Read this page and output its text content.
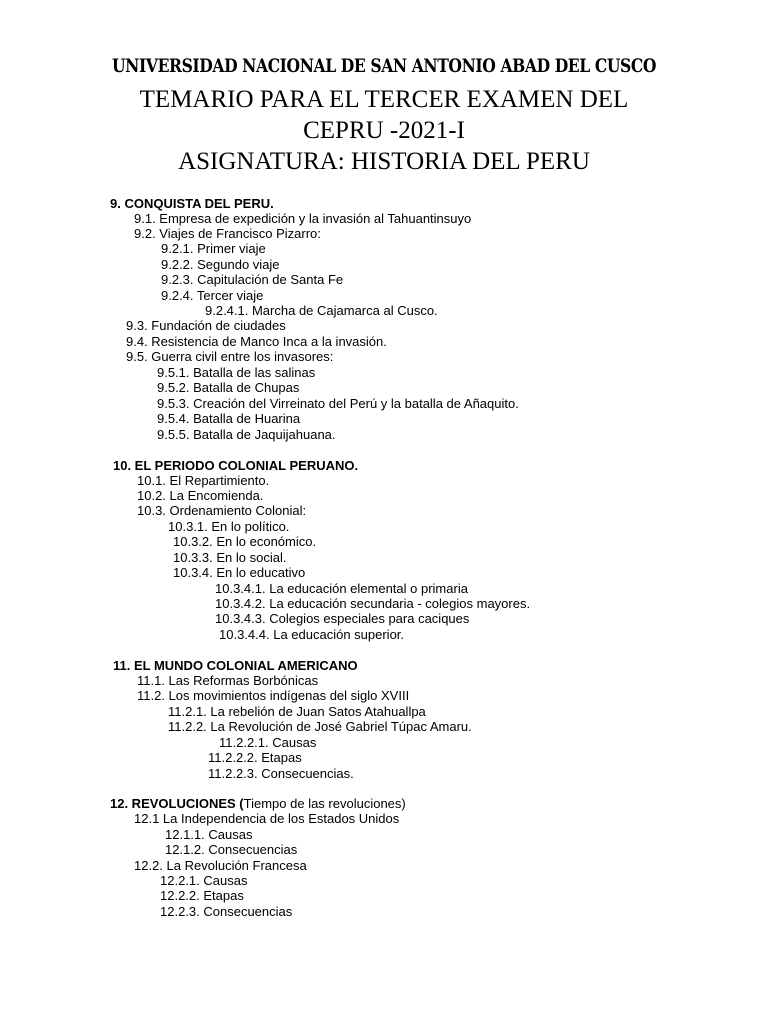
UNIVERSIDAD NACIONAL DE SAN ANTONIO ABAD DEL CUSCO
TEMARIO PARA EL TERCER EXAMEN DEL
CEPRU -2021-I
ASIGNATURA: HISTORIA DEL PERU
9. CONQUISTA DEL PERU.
9.1. Empresa de expedición y la invasión al Tahuantinsuyo
9.2. Viajes de Francisco Pizarro:
9.2.1. Primer viaje
9.2.2. Segundo viaje
9.2.3. Capitulación de Santa Fe
9.2.4. Tercer viaje
9.2.4.1. Marcha de Cajamarca al Cusco.
9.3. Fundación de ciudades
9.4. Resistencia de Manco Inca a la invasión.
9.5. Guerra civil entre los invasores:
9.5.1. Batalla de las salinas
9.5.2. Batalla de Chupas
9.5.3. Creación del Virreinato del Perú y la batalla de Añaquito.
9.5.4. Batalla de Huarina
9.5.5. Batalla de Jaquijahuana.
10. EL PERIODO COLONIAL PERUANO.
10.1. El Repartimiento.
10.2. La Encomienda.
10.3. Ordenamiento Colonial:
10.3.1. En lo político.
10.3.2. En lo económico.
10.3.3. En lo social.
10.3.4. En lo educativo
10.3.4.1. La educación elemental o primaria
10.3.4.2. La educación secundaria - colegios mayores.
10.3.4.3. Colegios especiales para caciques
10.3.4.4. La educación superior.
11. EL MUNDO COLONIAL AMERICANO
11.1. Las Reformas Borbónicas
11.2. Los movimientos indígenas del siglo XVIII
11.2.1. La rebelión de Juan Satos Atahuallpa
11.2.2. La Revolución de José Gabriel Túpac Amaru.
11.2.2.1. Causas
11.2.2.2. Etapas
11.2.2.3. Consecuencias.
12. REVOLUCIONES (Tiempo de las revoluciones)
12.1 La Independencia de los Estados Unidos
12.1.1. Causas
12.1.2. Consecuencias
12.2. La Revolución Francesa
12.2.1. Causas
12.2.2. Etapas
12.2.3. Consecuencias
